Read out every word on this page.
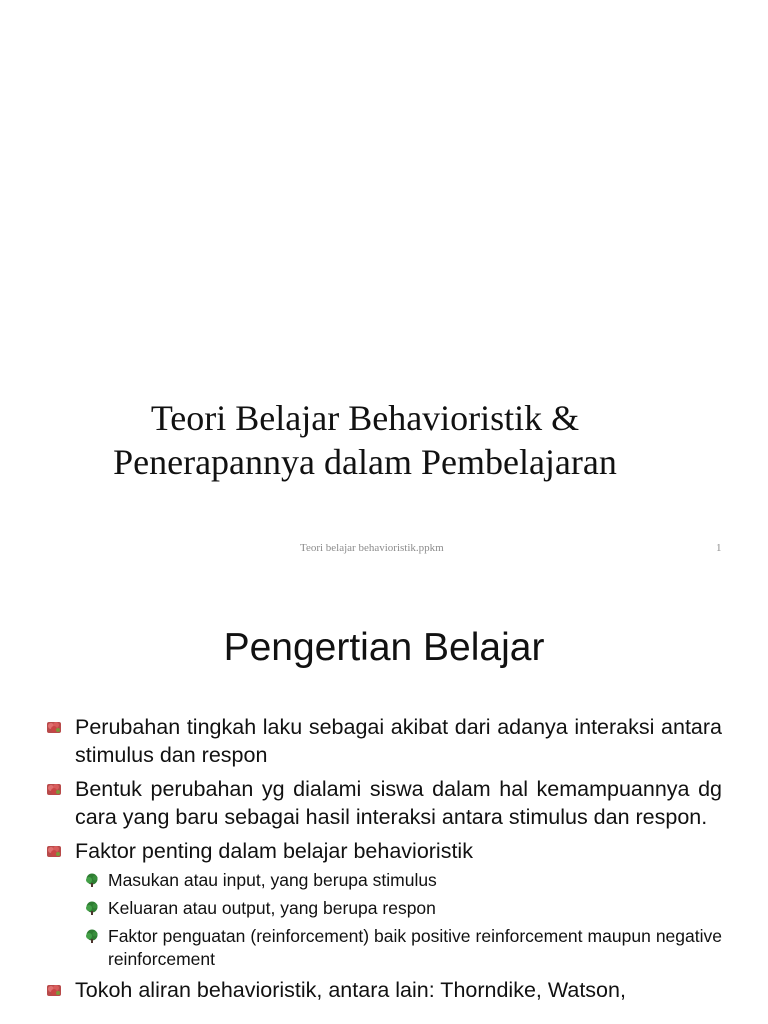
Teori Belajar Behavioristik &
Penerapannya dalam Pembelajaran
Teori belajar behavioristik.ppkm	1
Pengertian Belajar
Perubahan tingkah laku sebagai akibat dari adanya interaksi antara stimulus dan respon
Bentuk perubahan yg dialami siswa dalam hal kemampuannya dg cara yang baru sebagai hasil interaksi antara stimulus dan respon.
Faktor penting dalam belajar behavioristik
Masukan atau input, yang berupa stimulus
Keluaran atau output, yang berupa respon
Faktor penguatan (reinforcement) baik positive reinforcement maupun negative reinforcement
Tokoh aliran behavioristik, antara lain: Thorndike, Watson,
